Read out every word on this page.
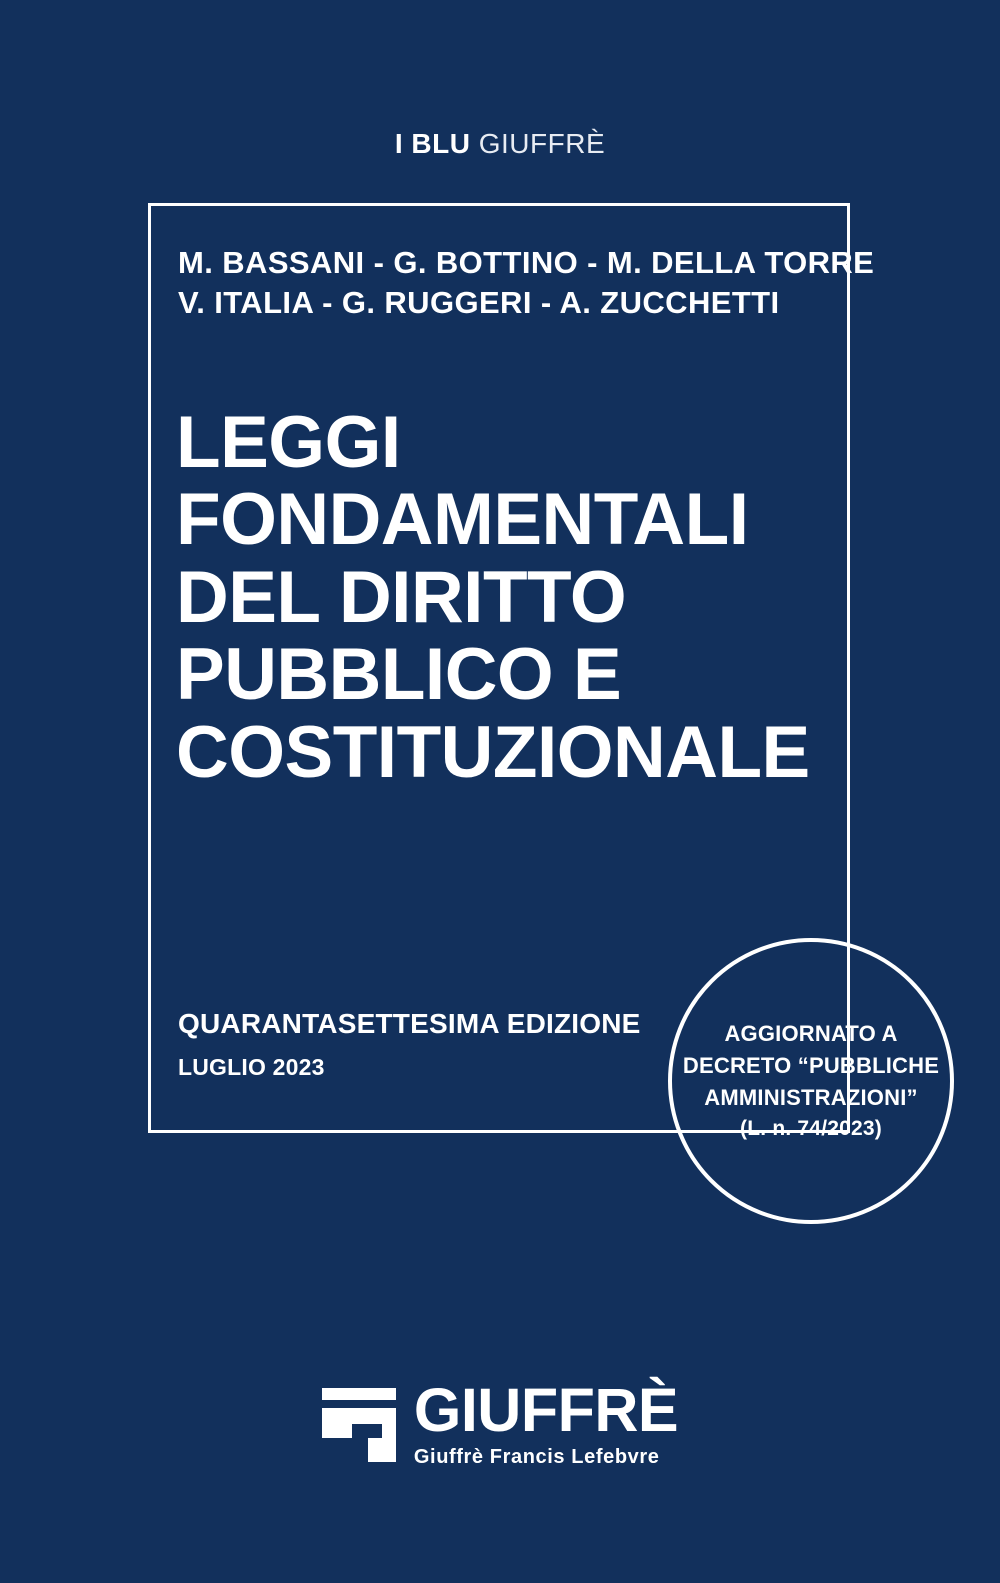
I BLU GIUFFRÈ
M. BASSANI - G. BOTTINO - M. DELLA TORRE
V. ITALIA - G. RUGGERI - A. ZUCCHETTI
LEGGI
FONDAMENTALI
DEL DIRITTO
PUBBLICO E
COSTITUZIONALE
QUARANTASETTESIMA EDIZIONE
LUGLIO 2023
AGGIORNATO A
DECRETO “PUBBLICHE
AMMINISTRAZIONI”
(L. n. 74/2023)
GIUFFRÈ
Giuffrè Francis Lefebvre
